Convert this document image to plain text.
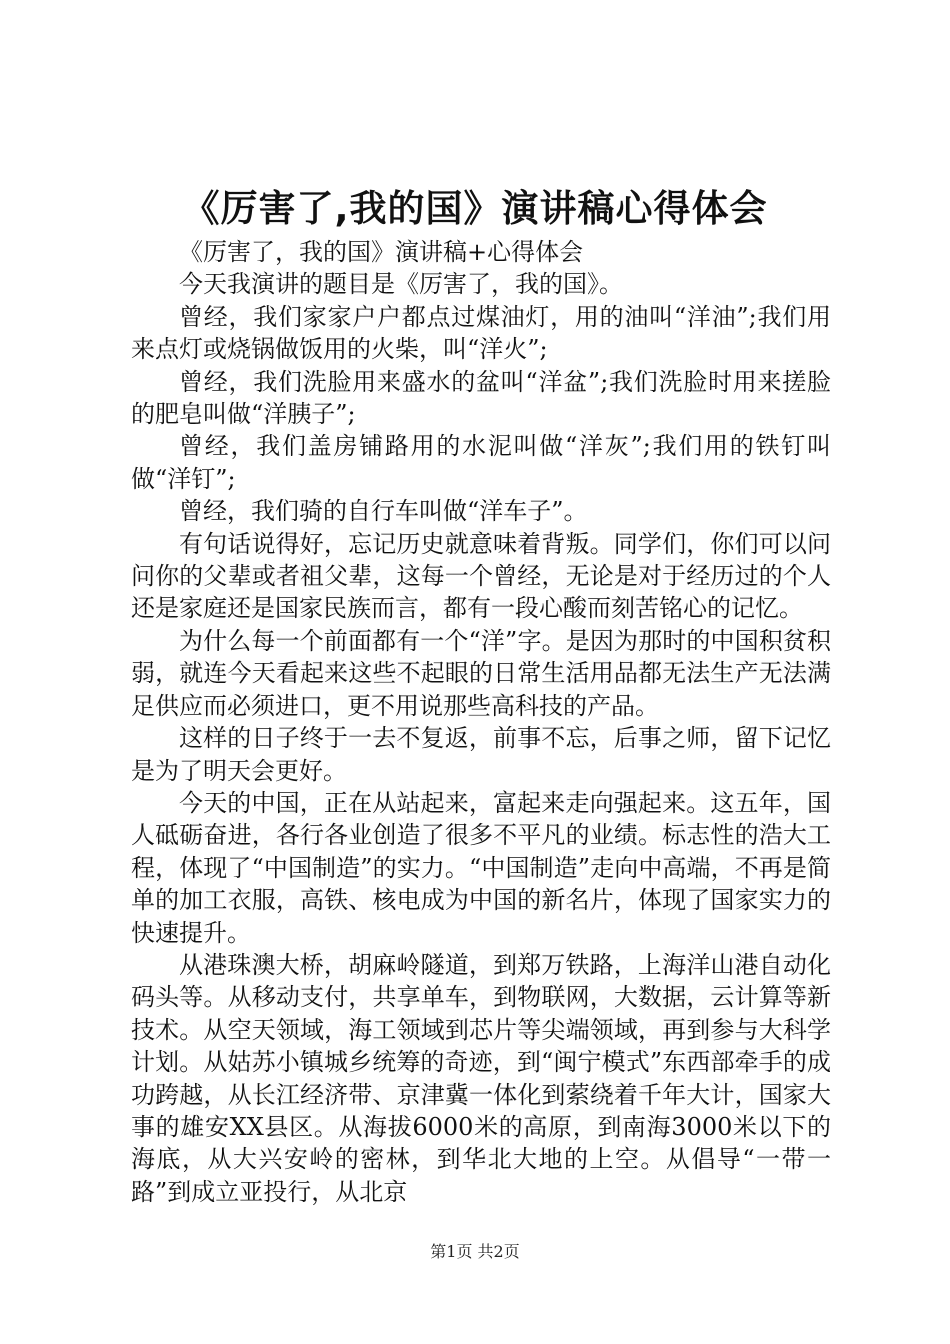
《厉害了,我的国》演讲稿心得体会

《厉害了，我的国》演讲稿+心得体会

今天我演讲的题目是《厉害了，我的国》。

曾经，我们家家户户都点过煤油灯，用的油叫“洋油”;我们用来点灯或烧锅做饭用的火柴，叫“洋火”;

曾经，我们洗脸用来盛水的盆叫“洋盆”;我们洗脸时用来搓脸的肥皂叫做“洋胰子”;

曾经，我们盖房铺路用的水泥叫做“洋灰”;我们用的铁钉叫做“洋钉”;

曾经，我们骑的自行车叫做“洋车子”。

有句话说得好，忘记历史就意味着背叛。同学们，你们可以问问你的父辈或者祖父辈，这每一个曾经，无论是对于经历过的个人还是家庭还是国家民族而言，都有一段心酸而刻苦铭心的记忆。

为什么每一个前面都有一个“洋”字。是因为那时的中国积贫积弱，就连今天看起来这些不起眼的日常生活用品都无法生产无法满足供应而必须进口，更不用说那些高科技的产品。

这样的日子终于一去不复返，前事不忘，后事之师，留下记忆是为了明天会更好。

今天的中国，正在从站起来，富起来走向强起来。这五年，国人砥砺奋进，各行各业创造了很多不平凡的业绩。标志性的浩大工程，体现了“中国制造”的实力。“中国制造”走向中高端，不再是简单的加工衣服，高铁、核电成为中国的新名片，体现了国家实力的快速提升。

从港珠澳大桥，胡麻岭隧道，到郑万铁路，上海洋山港自动化码头等。从移动支付，共享单车，到物联网，大数据，云计算等新技术。从空天领域，海工领域到芯片等尖端领域，再到参与大科学计划。从姑苏小镇城乡统筹的奇迹，到“闽宁模式”东西部牵手的成功跨越，从长江经济带、京津冀一体化到萦绕着千年大计，国家大事的雄安XX县区。从海拔6000米的高原，到南海3000米以下的海底，从大兴安岭的密林，到华北大地的上空。从倡导“一带一路”到成立亚投行，从北京

第1页 共2页
